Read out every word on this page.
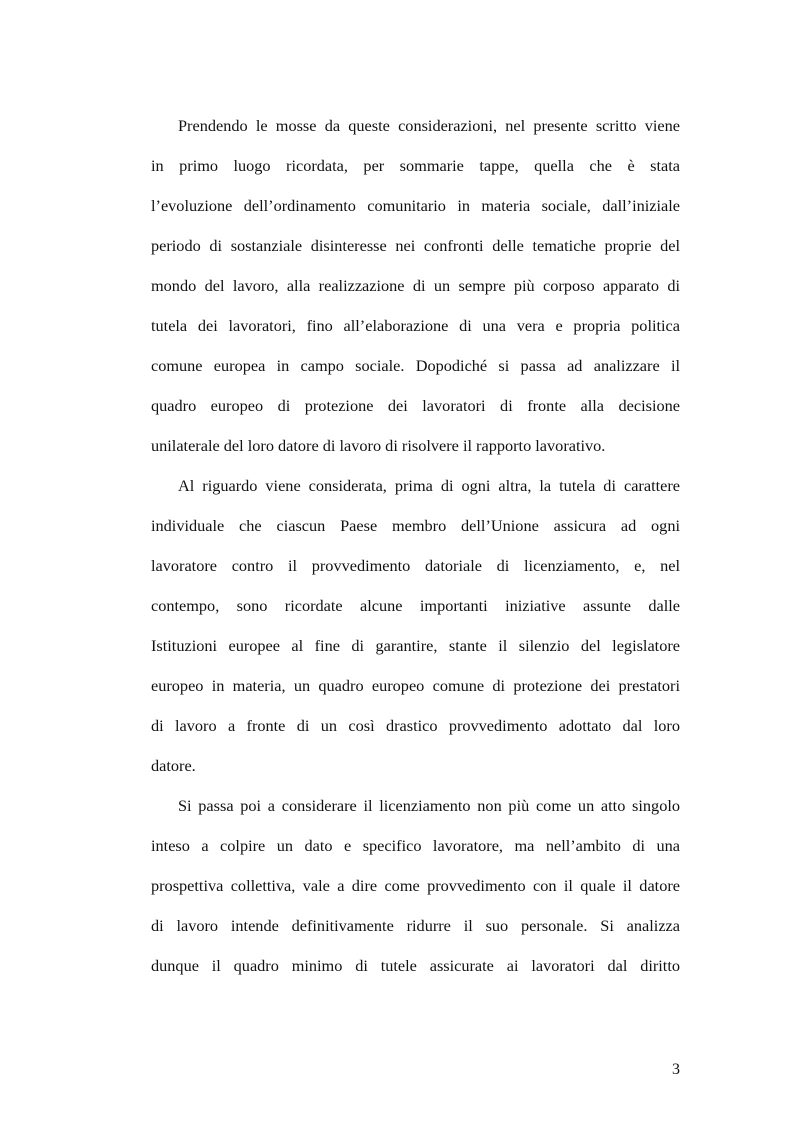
Prendendo le mosse da queste considerazioni, nel presente scritto viene
in primo luogo ricordata, per sommarie tappe, quella che è stata
l’evoluzione dell’ordinamento comunitario in materia sociale, dall’iniziale
periodo di sostanziale disinteresse nei confronti delle tematiche proprie del
mondo del lavoro, alla realizzazione di un sempre più corposo apparato di
tutela dei lavoratori, fino all’elaborazione di una vera e propria politica
comune europea in campo sociale. Dopodiché si passa ad analizzare il
quadro europeo di protezione dei lavoratori di fronte alla decisione
unilaterale del loro datore di lavoro di risolvere il rapporto lavorativo.
Al riguardo viene considerata, prima di ogni altra, la tutela di carattere
individuale che ciascun Paese membro dell’Unione assicura ad ogni
lavoratore contro il provvedimento datoriale di licenziamento, e, nel
contempo, sono ricordate alcune importanti iniziative assunte dalle
Istituzioni europee al fine di garantire, stante il silenzio del legislatore
europeo in materia, un quadro europeo comune di protezione dei prestatori
di lavoro a fronte di un così drastico provvedimento adottato dal loro
datore.
Si passa poi a considerare il licenziamento non più come un atto singolo
inteso a colpire un dato e specifico lavoratore, ma nell’ambito di una
prospettiva collettiva, vale a dire come provvedimento con il quale il datore
di lavoro intende definitivamente ridurre il suo personale. Si analizza
dunque il quadro minimo di tutele assicurate ai lavoratori dal diritto
3
